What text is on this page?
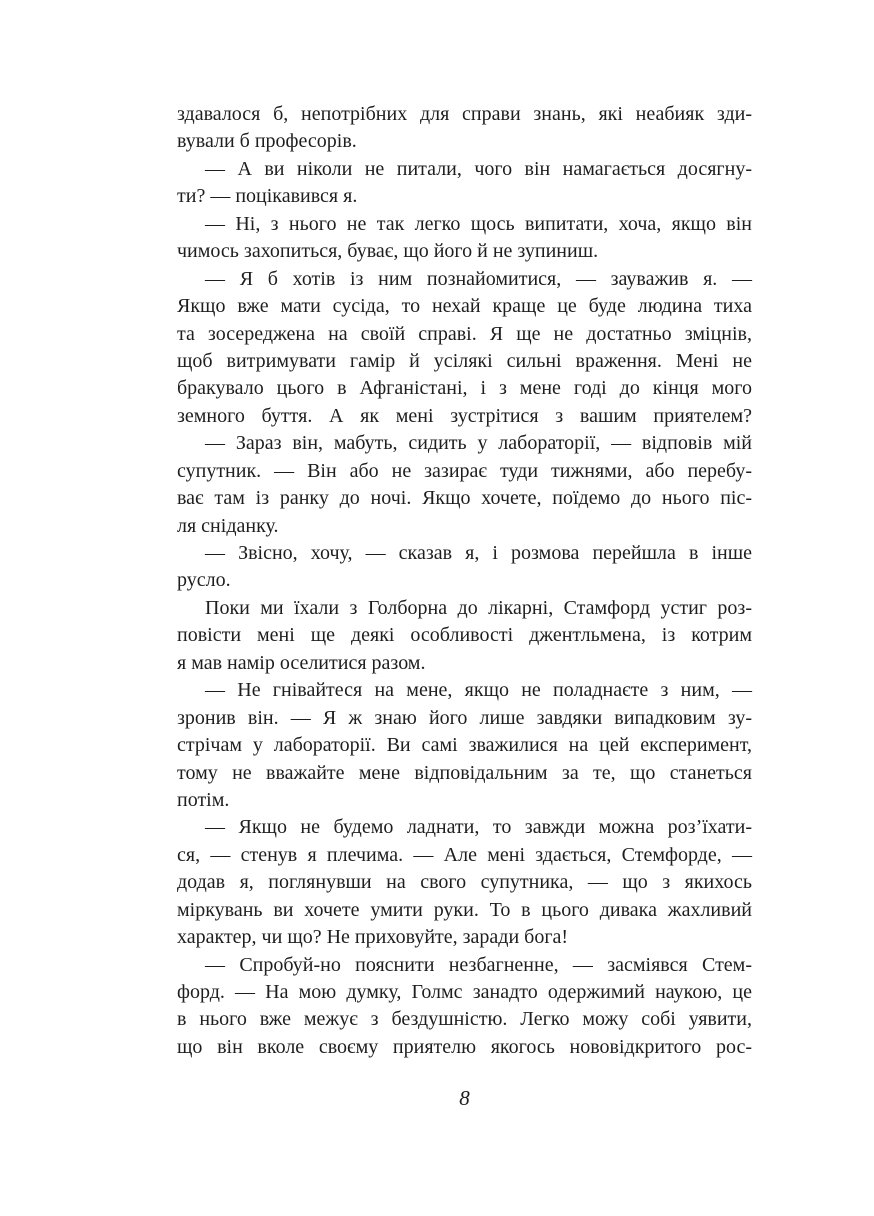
здавалося б, непотрібних для справи знань, які неабияк зди-
вували б професорів.
— А ви ніколи не питали, чого він намагається досягну-
ти? — поцікавився я.
— Ні, з нього не так легко щось випитати, хоча, якщо він
чимось захопиться, буває, що його й не зупиниш.
— Я б хотів із ним познайомитися, — зауважив я. —
Якщо вже мати сусіда, то нехай краще це буде людина тиха
та зосереджена на своїй справі. Я ще не достатньо зміцнів,
щоб витримувати гамір й усілякі сильні враження. Мені не
бракувало цього в Афганістані, і з мене годі до кінця мого
земного буття. А як мені зустрітися з вашим приятелем?
— Зараз він, мабуть, сидить у лабораторії, — відповів мій
супутник. — Він або не зазирає туди тижнями, або перебу-
ває там із ранку до ночі. Якщо хочете, поїдемо до нього піс-
ля сніданку.
— Звісно, хочу, — сказав я, і розмова перейшла в інше
русло.
Поки ми їхали з Голборна до лікарні, Стамфорд устиг роз-
повісти мені ще деякі особливості джентльмена, із котрим
я мав намір оселитися разом.
— Не гнівайтеся на мене, якщо не поладнаєте з ним, —
зронив він. — Я ж знаю його лише завдяки випадковим зу-
стрічам у лабораторії. Ви самі зважилися на цей експеримент,
тому не вважайте мене відповідальним за те, що станеться
потім.
— Якщо не будемо ладнати, то завжди можна роз’їхати-
ся, — стенув я плечима. — Але мені здається, Стемфорде, —
додав я, поглянувши на свого супутника, — що з якихось
міркувань ви хочете умити руки. То в цього дивака жахливий
характер, чи що? Не приховуйте, заради бога!
— Спробуй-но пояснити незбагненне, — засміявся Стем-
форд. — На мою думку, Голмс занадто одержимий наукою, це
в нього вже межує з бездушністю. Легко можу собі уявити,
що він вколе своєму приятелю якогось нововідкритого рос-
8
